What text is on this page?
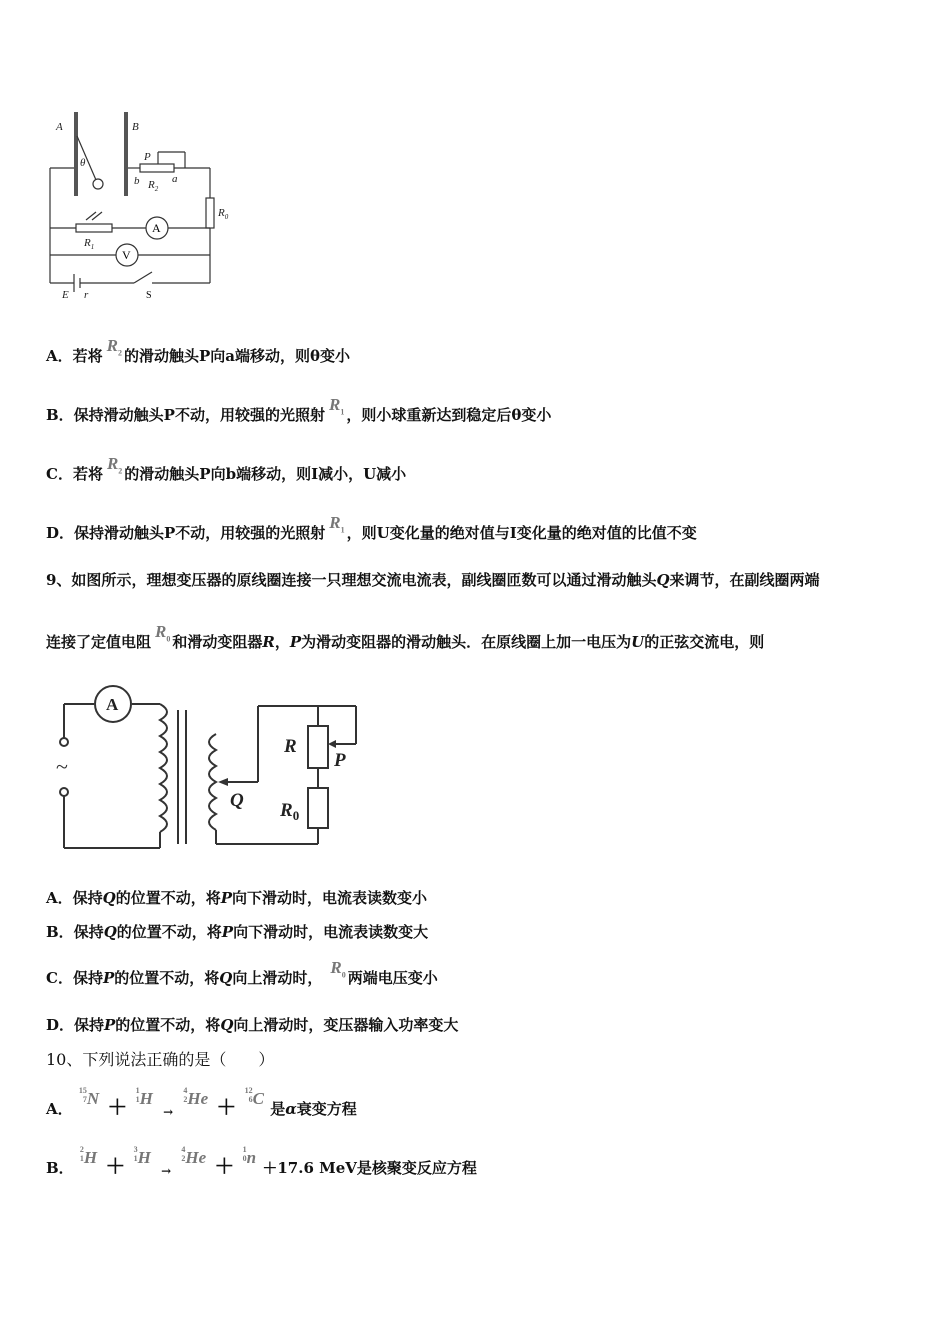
A	B
θ	P
b	a
$R_2$
$R_0$
$R_1$
E r
A
V
S
A．若将$R_2$ 的滑动触头P向a端移动，则θ变小
B．保持滑动触头P不动，用较强的光照射$R_1$ ，则小球重新达到稳定后θ变小
C．若将$R_2$ 的滑动触头P向b端移动，则I减小，U减小
D．保持滑动触头P不动，用较强的光照射$R_1$ ，则U变化量的绝对值与I变化量的绝对值的比值不变
9、如图所示，理想变压器的原线圈连接一只理想交流电流表，副线圈匝数可以通过滑动触头Q来调节，在副线圈两端
连接了定值电阻$R_0$ 和滑动变阻器R，P为滑动变阻器的滑动触头．在原线圈上加一电压为U的正弦交流电，则
~
A
R
P
Q $R_0$
A．保持Q的位置不动，将P向下滑动时，电流表读数变小
B．保持Q的位置不动，将P向下滑动时，电流表读数变大
C．保持P的位置不动，将Q向上滑动时，$R_0$ 两端电压变小
D．保持P的位置不动，将Q向上滑动时，变压器输入功率变大
10、下列说法正确的是（　　）
A． 15
7N ＋ 1
1H → 4
2He ＋ 12
6C 是α衰变方程
B． 2
1H ＋ 3
1H → 4
2He ＋ 1
0n ＋17.6 MeV是核聚变反应方程
